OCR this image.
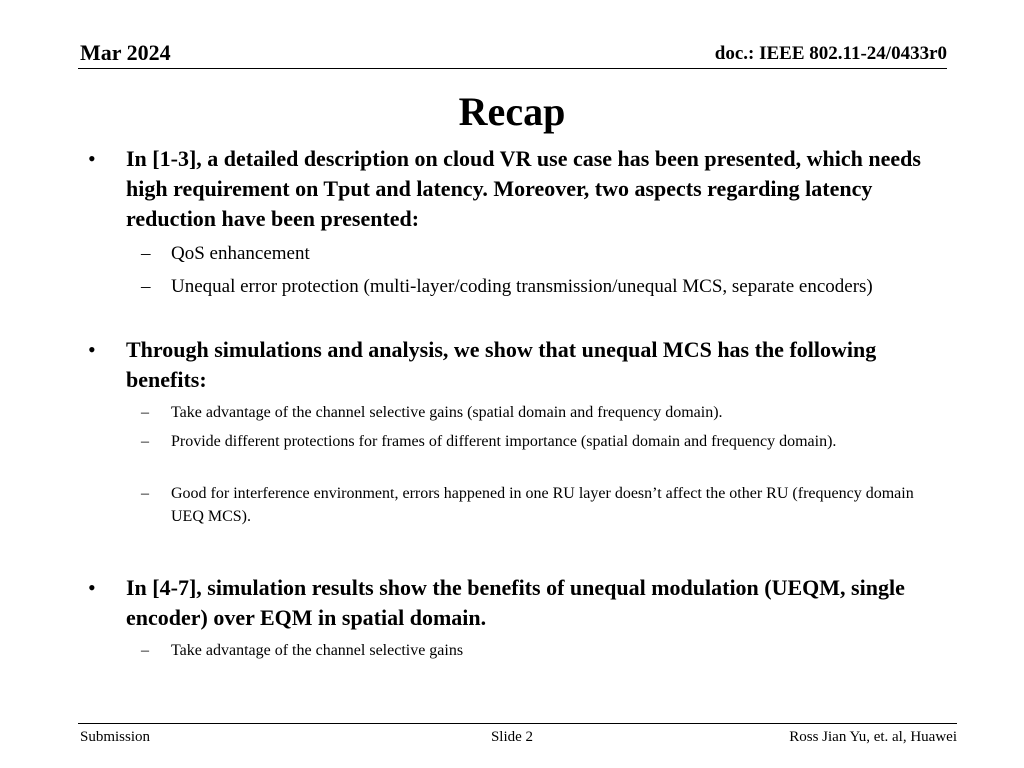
Mar 2024	doc.: IEEE 802.11-24/0433r0
Recap
• In [1-3], a detailed description on cloud VR use case has been presented, which needs high requirement on Tput and latency. Moreover, two aspects regarding latency reduction have been presented:
– QoS enhancement
– Unequal error protection (multi-layer/coding transmission/unequal MCS, separate encoders)
• Through simulations and analysis, we show that unequal MCS has the following benefits:
– Take advantage of the channel selective gains (spatial domain and frequency domain).
– Provide different protections for frames of different importance (spatial domain and frequency domain).
– Good for interference environment, errors happened in one RU layer doesn’t affect the other RU (frequency domain UEQ MCS).
• In [4-7], simulation results show the benefits of unequal modulation (UEQM, single encoder) over EQM in spatial domain.
– Take advantage of the channel selective gains
Submission	Slide 2	Ross Jian Yu, et. al, Huawei
